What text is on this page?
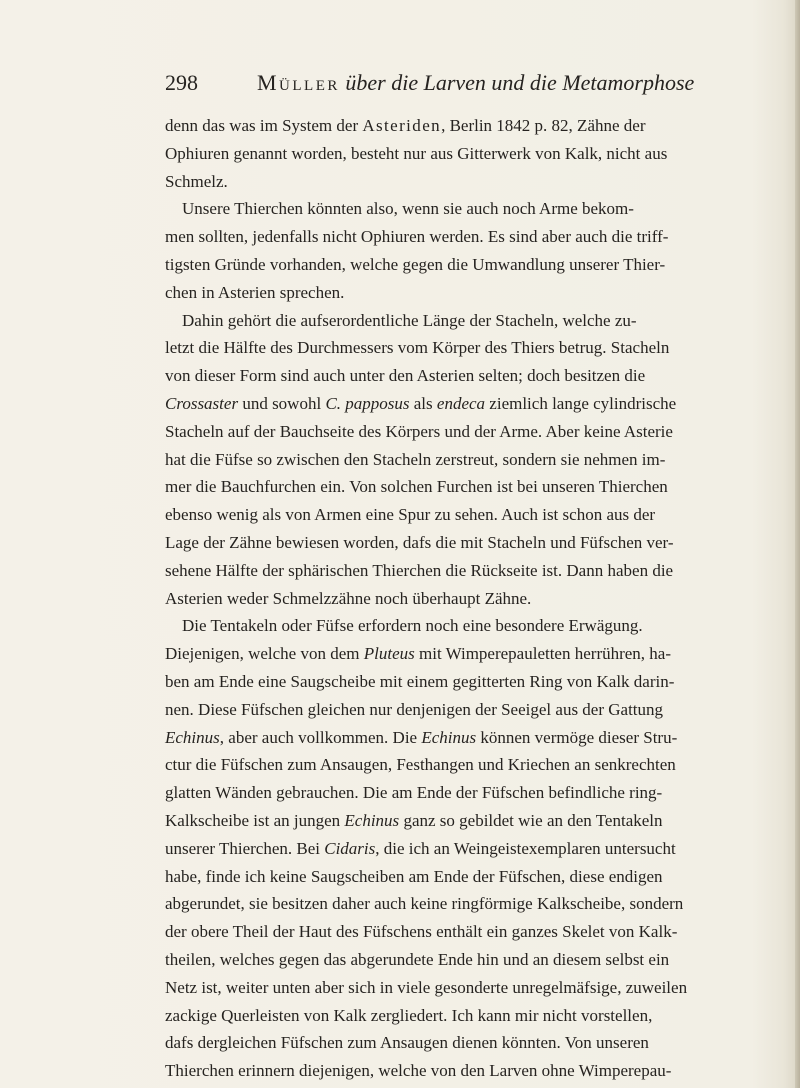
298	Müller über die Larven und die Metamorphose
denn das was im System der Asteriden, Berlin 1842 p. 82, Zähne der
Ophiuren genannt worden, besteht nur aus Gitterwerk von Kalk, nicht aus
Schmelz.
Unsere Thierchen könnten also, wenn sie auch noch Arme bekom-
men sollten, jedenfalls nicht Ophiuren werden. Es sind aber auch die triff-
tigsten Gründe vorhanden, welche gegen die Umwandlung unserer Thier-
chen in Asterien sprechen.
Dahin gehört die aufserordentliche Länge der Stacheln, welche zu-
letzt die Hälfte des Durchmessers vom Körper des Thiers betrug. Stacheln
von dieser Form sind auch unter den Asterien selten; doch besitzen die
Crossaster und sowohl C. papposus als endeca ziemlich lange cylindrische
Stacheln auf der Bauchseite des Körpers und der Arme. Aber keine Asterie
hat die Füfse so zwischen den Stacheln zerstreut, sondern sie nehmen im-
mer die Bauchfurchen ein. Von solchen Furchen ist bei unseren Thierchen
ebenso wenig als von Armen eine Spur zu sehen. Auch ist schon aus der
Lage der Zähne bewiesen worden, dafs die mit Stacheln und Füfschen ver-
sehene Hälfte der sphärischen Thierchen die Rückseite ist. Dann haben die
Asterien weder Schmelzzähne noch überhaupt Zähne.
Die Tentakeln oder Füfse erfordern noch eine besondere Erwägung.
Diejenigen, welche von dem Pluteus mit Wimperepauletten herrühren, ha-
ben am Ende eine Saugscheibe mit einem gegitterten Ring von Kalk darin-
nen. Diese Füfschen gleichen nur denjenigen der Seeigel aus der Gattung
Echinus, aber auch vollkommen. Die Echinus können vermöge dieser Stru-
ctur die Füfschen zum Ansaugen, Festhangen und Kriechen an senkrechten
glatten Wänden gebrauchen. Die am Ende der Füfschen befindliche ring-
Kalkscheibe ist an jungen Echinus ganz so gebildet wie an den Tentakeln
unserer Thierchen. Bei Cidaris, die ich an Weingeistexemplaren untersucht
habe, finde ich keine Saugscheiben am Ende der Füfschen, diese endigen
abgerundet, sie besitzen daher auch keine ringförmige Kalkscheibe, sondern
der obere Theil der Haut des Füfschens enthält ein ganzes Skelet von Kalk-
theilen, welches gegen das abgerundete Ende hin und an diesem selbst ein
Netz ist, weiter unten aber sich in viele gesonderte unregelmäfsige, zuweilen
zackige Querleisten von Kalk zergliedert. Ich kann mir nicht vorstellen,
dafs dergleichen Füfschen zum Ansaugen dienen könnten. Von unseren
Thierchen erinnern diejenigen, welche von den Larven ohne Wimperepau-
